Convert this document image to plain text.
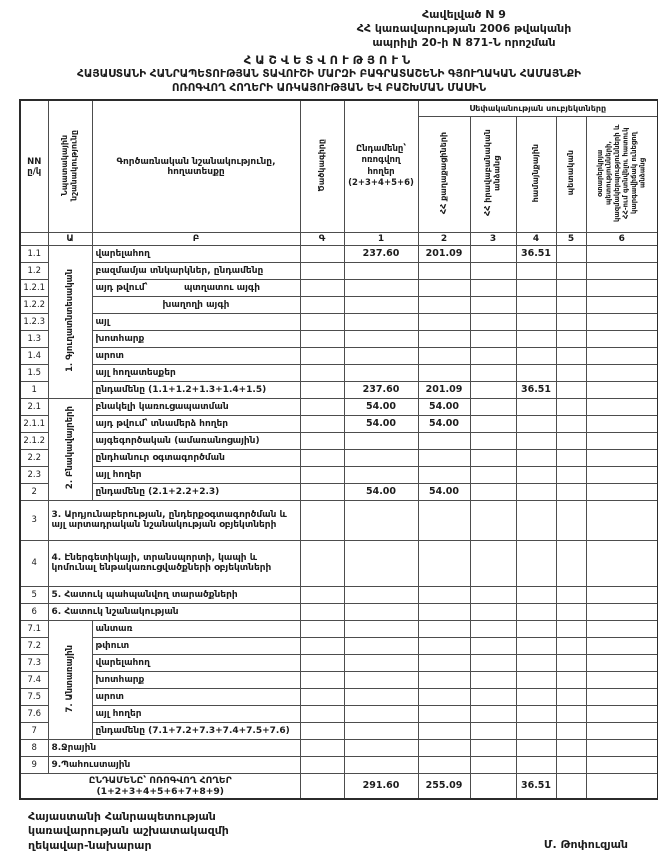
Հավելված N 9
ՀՀ կառավարության 2006 թվականի
ապրիլի 20-ի N 871-Ն որոշման
ՀԱՇՎԵՏՎՈՒԹՅՈՒՆ
ՀԱՅԱՍՏԱՆԻ ՀԱՆՐԱՊԵՏՈՒԹՅԱՆ ՏԱՎՈՒՇԻ ՄԱՐԶԻ ԲԱԳՐԱՏԱՇԵՆԻ ԳՅՈՒՂԱԿԱՆ ՀԱՄԱՅՆՔԻ
ՈՌՈԳՎՈՂ ՀՈՂԵՐԻ ԱՌԿԱՅՈՒԹՅԱՆ ԵՎ ԲԱՇԽՄԱՆ ՄԱՍԻՆ
NN ը/կ	Նպատակային նշանակությունը	Գործառնական նշանակությունը, հողատեսքը	Ծածկագիրը	Ընդամենը՝ ոռոգվող հողեր (2+3+4+5+6)	Սեփականության սուբյեկտները				
					ՀՀ քաղաքացիների	ՀՀ իրավաբանական անձանց	համայնքային	պետական	օտարերկրյա պետությունների, կազմակերպությունների և ՀՀ-ում գտնվելու հատուկ կարգավիճակ ունեցող անձանց
	Ա	Բ	Գ	1	2	3	4	5	6
1.1	1. Գյուղատնտեսական	վարելահող		237.60	201.09		36.51		
1.2		բազմամյա տնկարկներ, ընդամենը							
1.2.1		այդ թվում՝ պտղատու այգի							

1.2.2		խաղողի այգի							
1.2.3		այլ							
1.3		խոտհարք							
1.4		արոտ							
1.5		այլ հողատեսքեր							
1		ընդամենը (1.1+1.2+1.3+1.4+1.5)		237.60	201.09		36.51		
2.1	2. Բնակավայրերի	բնակելի կառուցապատման		54.00	54.00				
2.1.1		այդ թվում՝ տնամերձ հողեր		54.00	54.00				
2.1.2		այգեգործական (ամառանոցային)							
2.2		ընդհանուր օգտագործման							
2.3		այլ հողեր							
2		ընդամենը (2.1+2.2+2.3)		54.00	54.00				
3	3. Արդյունաբերության, ընդերքօգտագործման և այլ արտադրական նշանակության օբյեկտների								
4	4. Էներգետիկայի, տրանսպորտի, կապի և կոմունալ ենթակառուցվածքների օբյեկտների								
5	5. Հատուկ պահպանվող տարածքների								
6	6. Հատուկ նշանակության								
7.1	7. Անտառային	անտառ							
7.2		թփուտ							
7.3		վարելահող							
7.4		խոտհարք							
7.5		արոտ							
7.6		այլ հողեր							
7		ընդամենը (7.1+7.2+7.3+7.4+7.5+7.6)							
8	8.Ջրային								
9	9.Պահուստային								
ԸՆԴԱՄԵՆԸ՝ ՈՌՈԳՎՈՂ ՀՈՂԵՐ (1+2+3+4+5+6+7+8+9)				291.60	255.09		36.51		
Հայաստանի Հանրապետության
կառավարության աշխատակազմի
ղեկավար-նախարար	Մ. Թոփուզյան
